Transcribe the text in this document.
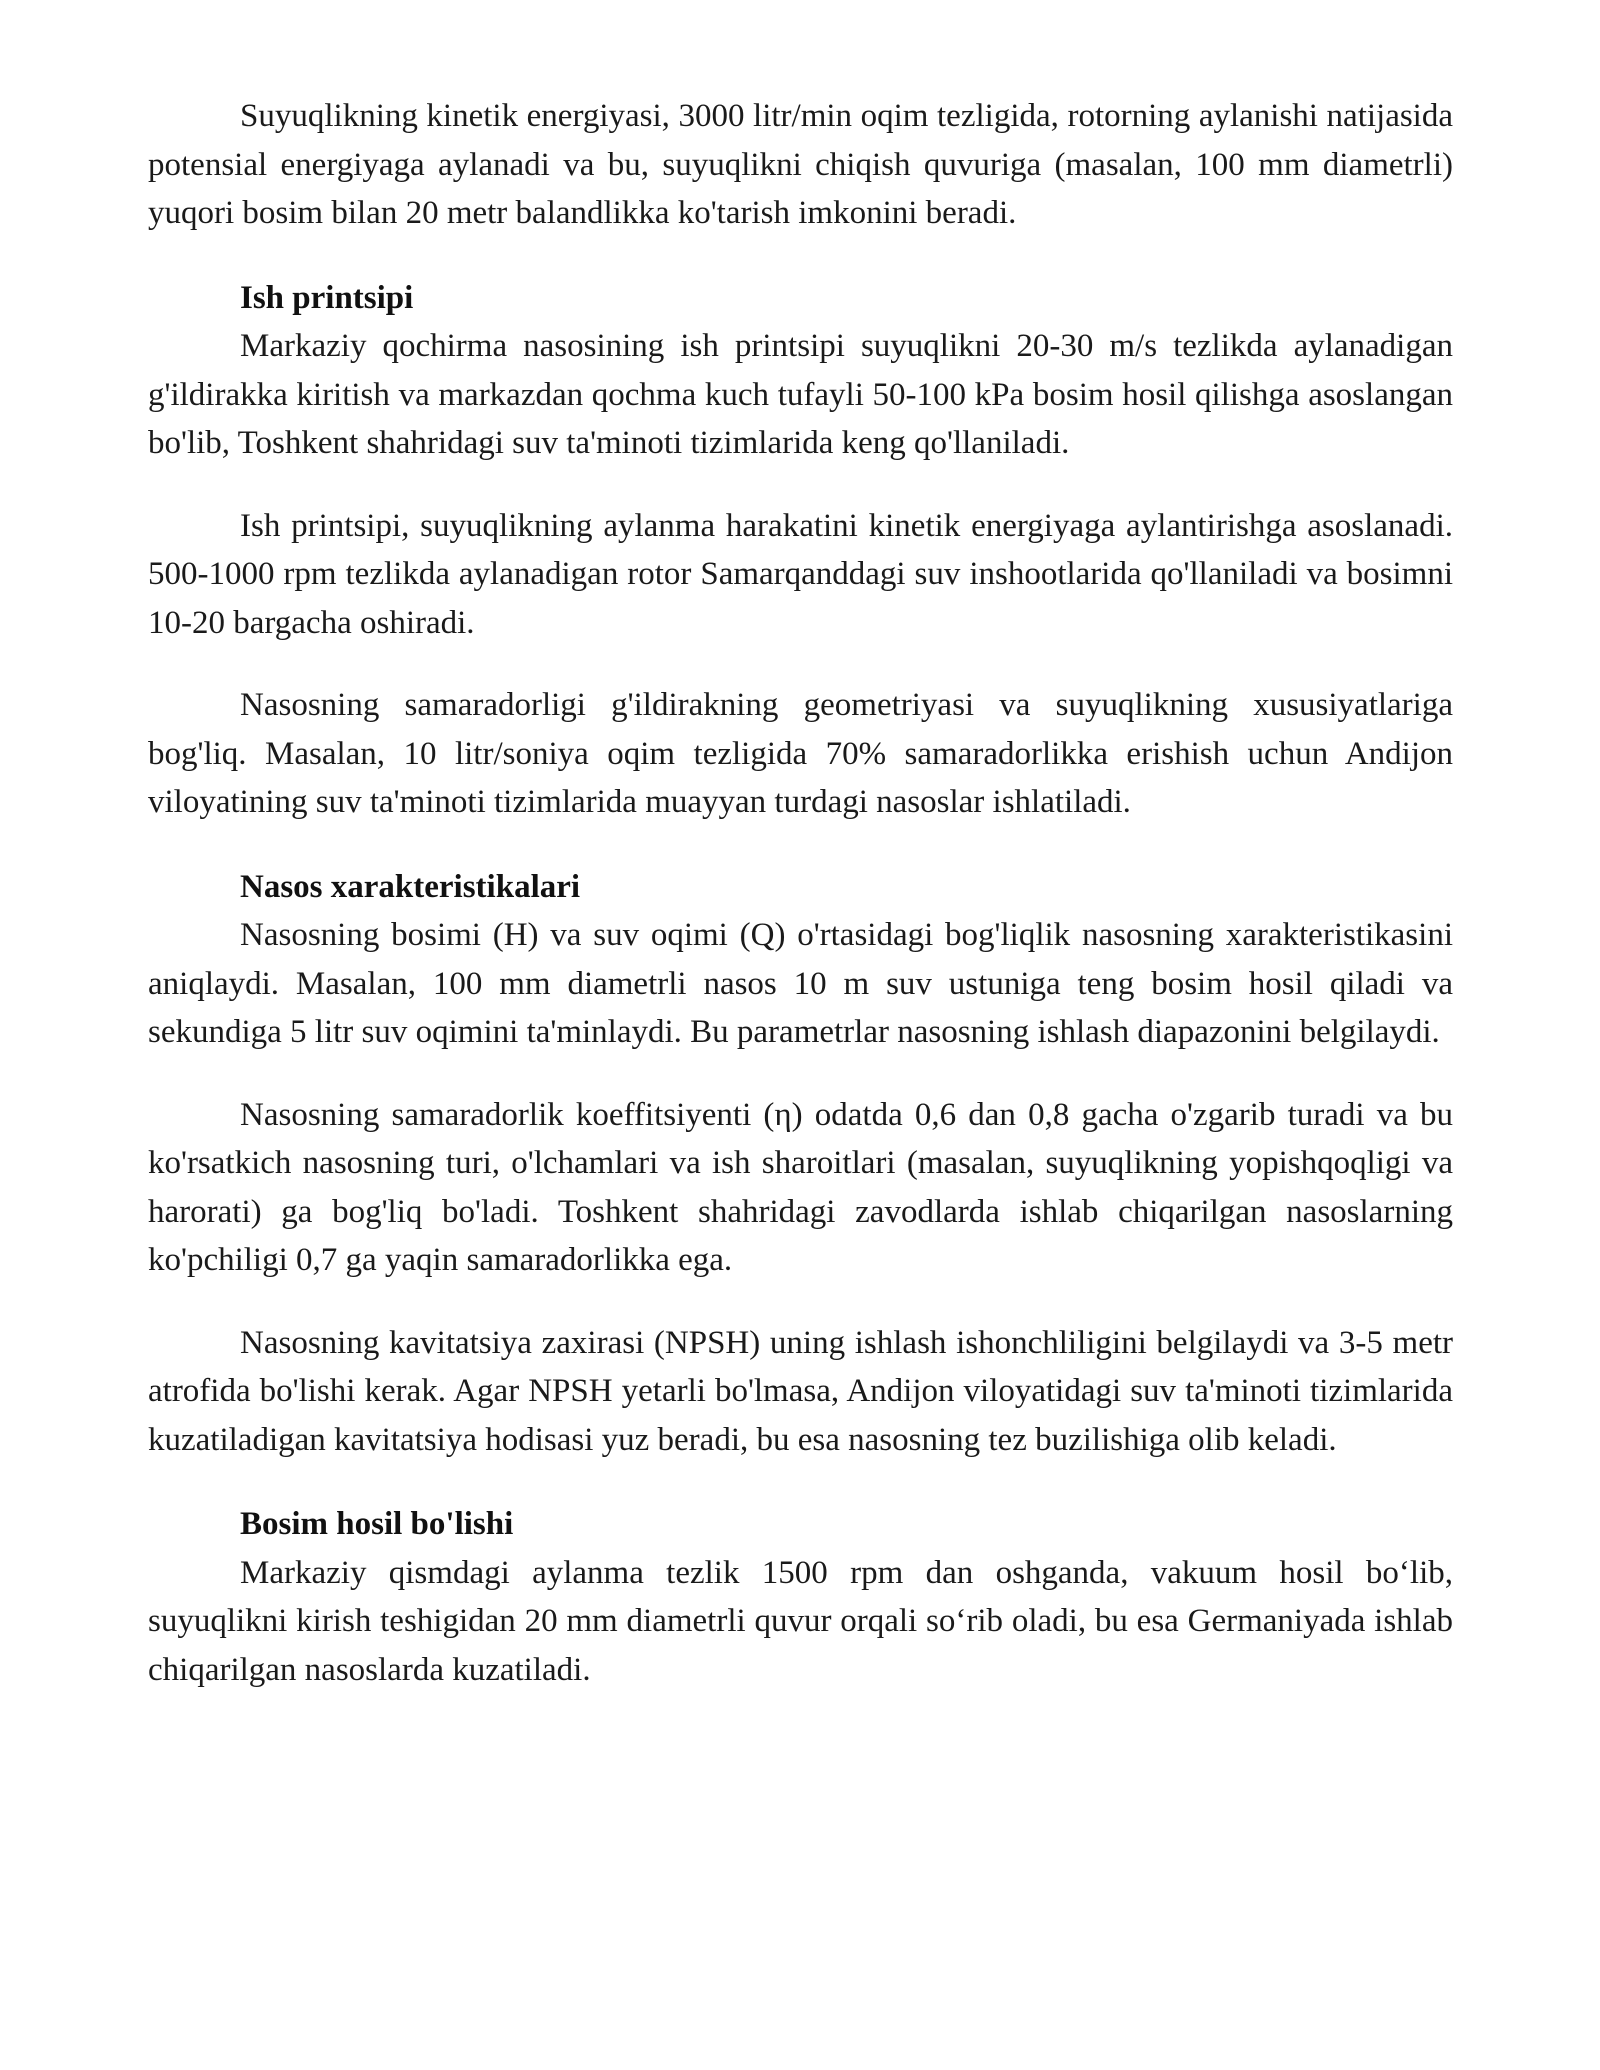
Suyuqlikning kinetik energiyasi, 3000 litr/min oqim tezligida, rotorning aylanishi natijasida potensial energiyaga aylanadi va bu, suyuqlikni chiqish quvuriga (masalan, 100 mm diametrli) yuqori bosim bilan 20 metr balandlikka ko'tarish imkonini beradi.

Ish printsipi

Markaziy qochirma nasosining ish printsipi suyuqlikni 20-30 m/s tezlikda aylanadigan g'ildirakka kiritish va markazdan qochma kuch tufayli 50-100 kPa bosim hosil qilishga asoslangan bo'lib, Toshkent shahridagi suv ta'minoti tizimlarida keng qo'llaniladi.

Ish printsipi, suyuqlikning aylanma harakatini kinetik energiyaga aylantirishga asoslanadi. 500-1000 rpm tezlikda aylanadigan rotor Samarqanddagi suv inshootlarida qo'llaniladi va bosimni 10-20 bargacha oshiradi.

Nasosning samaradorligi g'ildirakning geometriyasi va suyuqlikning xususiyatlariga bog'liq. Masalan, 10 litr/soniya oqim tezligida 70% samaradorlikka erishish uchun Andijon viloyatining suv ta'minoti tizimlarida muayyan turdagi nasoslar ishlatiladi.

Nasos xarakteristikalari

Nasosning bosimi (H) va suv oqimi (Q) o'rtasidagi bog'liqlik nasosning xarakteristikasini aniqlaydi. Masalan, 100 mm diametrli nasos 10 m suv ustuniga teng bosim hosil qiladi va sekundiga 5 litr suv oqimini ta'minlaydi. Bu parametrlar nasosning ishlash diapazonini belgilaydi.

Nasosning samaradorlik koeffitsiyenti (η) odatda 0,6 dan 0,8 gacha o'zgarib turadi va bu ko'rsatkich nasosning turi, o'lchamlari va ish sharoitlari (masalan, suyuqlikning yopishqoqligi va harorati) ga bog'liq bo'ladi. Toshkent shahridagi zavodlarda ishlab chiqarilgan nasoslarning ko'pchiligi 0,7 ga yaqin samaradorlikka ega.

Nasosning kavitatsiya zaxirasi (NPSH) uning ishlash ishonchliligini belgilaydi va 3-5 metr atrofida bo'lishi kerak. Agar NPSH yetarli bo'lmasa, Andijon viloyatidagi suv ta'minoti tizimlarida kuzatiladigan kavitatsiya hodisasi yuz beradi, bu esa nasosning tez buzilishiga olib keladi.

Bosim hosil bo'lishi

Markaziy qismdagi aylanma tezlik 1500 rpm dan oshganda, vakuum hosil bo‘lib, suyuqlikni kirish teshigidan 20 mm diametrli quvur orqali so‘rib oladi, bu esa Germaniyada ishlab chiqarilgan nasoslarda kuzatiladi.
